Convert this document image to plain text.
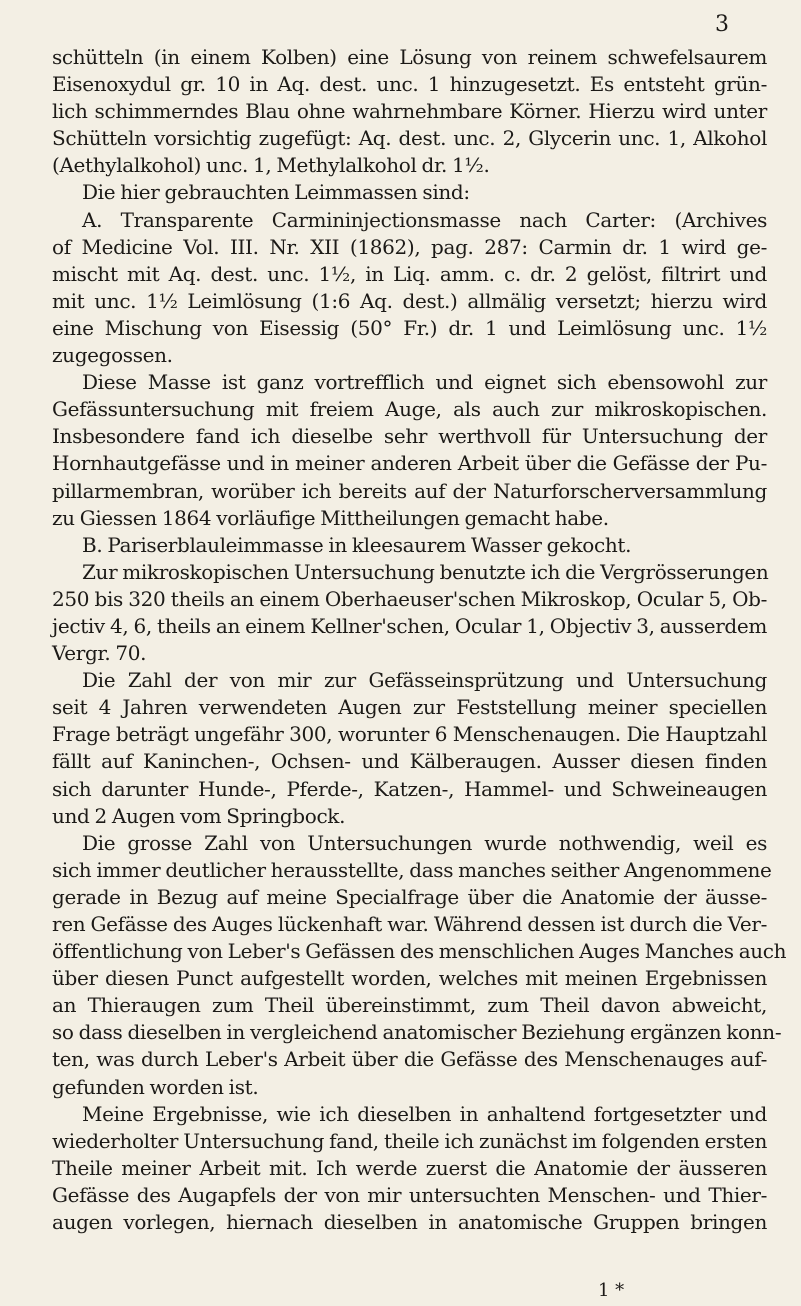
3
schütteln (in einem Kolben) eine Lösung von reinem schwefelsaurem
Eisenoxydul gr. 10 in Aq. dest. unc. 1 hinzugesetzt. Es entsteht grün-
lich schimmerndes Blau ohne wahrnehmbare Körner. Hierzu wird unter
Schütteln vorsichtig zugefügt: Aq. dest. unc. 2, Glycerin unc. 1, Alkohol
(Aethylalkohol) unc. 1, Methylalkohol dr. 1½.
Die hier gebrauchten Leimmassen sind:
A. Transparente Carmininjectionsmasse nach Carter: (Archives
of Medicine Vol. III. Nr. XII (1862), pag. 287: Carmin dr. 1 wird ge-
mischt mit Aq. dest. unc. 1½, in Liq. amm. c. dr. 2 gelöst, filtrirt und
mit unc. 1½ Leimlösung (1:6 Aq. dest.) allmälig versetzt; hierzu wird
eine Mischung von Eisessig (50° Fr.) dr. 1 und Leimlösung unc. 1½
zugegossen.
Diese Masse ist ganz vortrefflich und eignet sich ebensowohl zur
Gefässuntersuchung mit freiem Auge, als auch zur mikroskopischen.
Insbesondere fand ich dieselbe sehr werthvoll für Untersuchung der
Hornhautgefässe und in meiner anderen Arbeit über die Gefässe der Pu-
pillarmembran, worüber ich bereits auf der Naturforscherversammlung
zu Giessen 1864 vorläufige Mittheilungen gemacht habe.
B. Pariserblauleimmasse in kleesaurem Wasser gekocht.
Zur mikroskopischen Untersuchung benutzte ich die Vergrösserungen
250 bis 320 theils an einem Oberhaeuser'schen Mikroskop, Ocular 5, Ob-
jectiv 4, 6, theils an einem Kellner'schen, Ocular 1, Objectiv 3, ausserdem
Vergr. 70.
Die Zahl der von mir zur Gefässeinsprützung und Untersuchung
seit 4 Jahren verwendeten Augen zur Feststellung meiner speciellen
Frage beträgt ungefähr 300, worunter 6 Menschenaugen. Die Hauptzahl
fällt auf Kaninchen-, Ochsen- und Kälberaugen. Ausser diesen finden
sich darunter Hunde-, Pferde-, Katzen-, Hammel- und Schweineaugen
und 2 Augen vom Springbock.
Die grosse Zahl von Untersuchungen wurde nothwendig, weil es
sich immer deutlicher herausstellte, dass manches seither Angenommene
gerade in Bezug auf meine Specialfrage über die Anatomie der äusse-
ren Gefässe des Auges lückenhaft war. Während dessen ist durch die Ver-
öffentlichung von Leber's Gefässen des menschlichen Auges Manches auch
über diesen Punct aufgestellt worden, welches mit meinen Ergebnissen
an Thieraugen zum Theil übereinstimmt, zum Theil davon abweicht,
so dass dieselben in vergleichend anatomischer Beziehung ergänzen konn-
ten, was durch Leber's Arbeit über die Gefässe des Menschenauges auf-
gefunden worden ist.
Meine Ergebnisse, wie ich dieselben in anhaltend fortgesetzter und
wiederholter Untersuchung fand, theile ich zunächst im folgenden ersten
Theile meiner Arbeit mit. Ich werde zuerst die Anatomie der äusseren
Gefässe des Augapfels der von mir untersuchten Menschen- und Thier-
augen vorlegen, hiernach dieselben in anatomische Gruppen bringen
1 *
